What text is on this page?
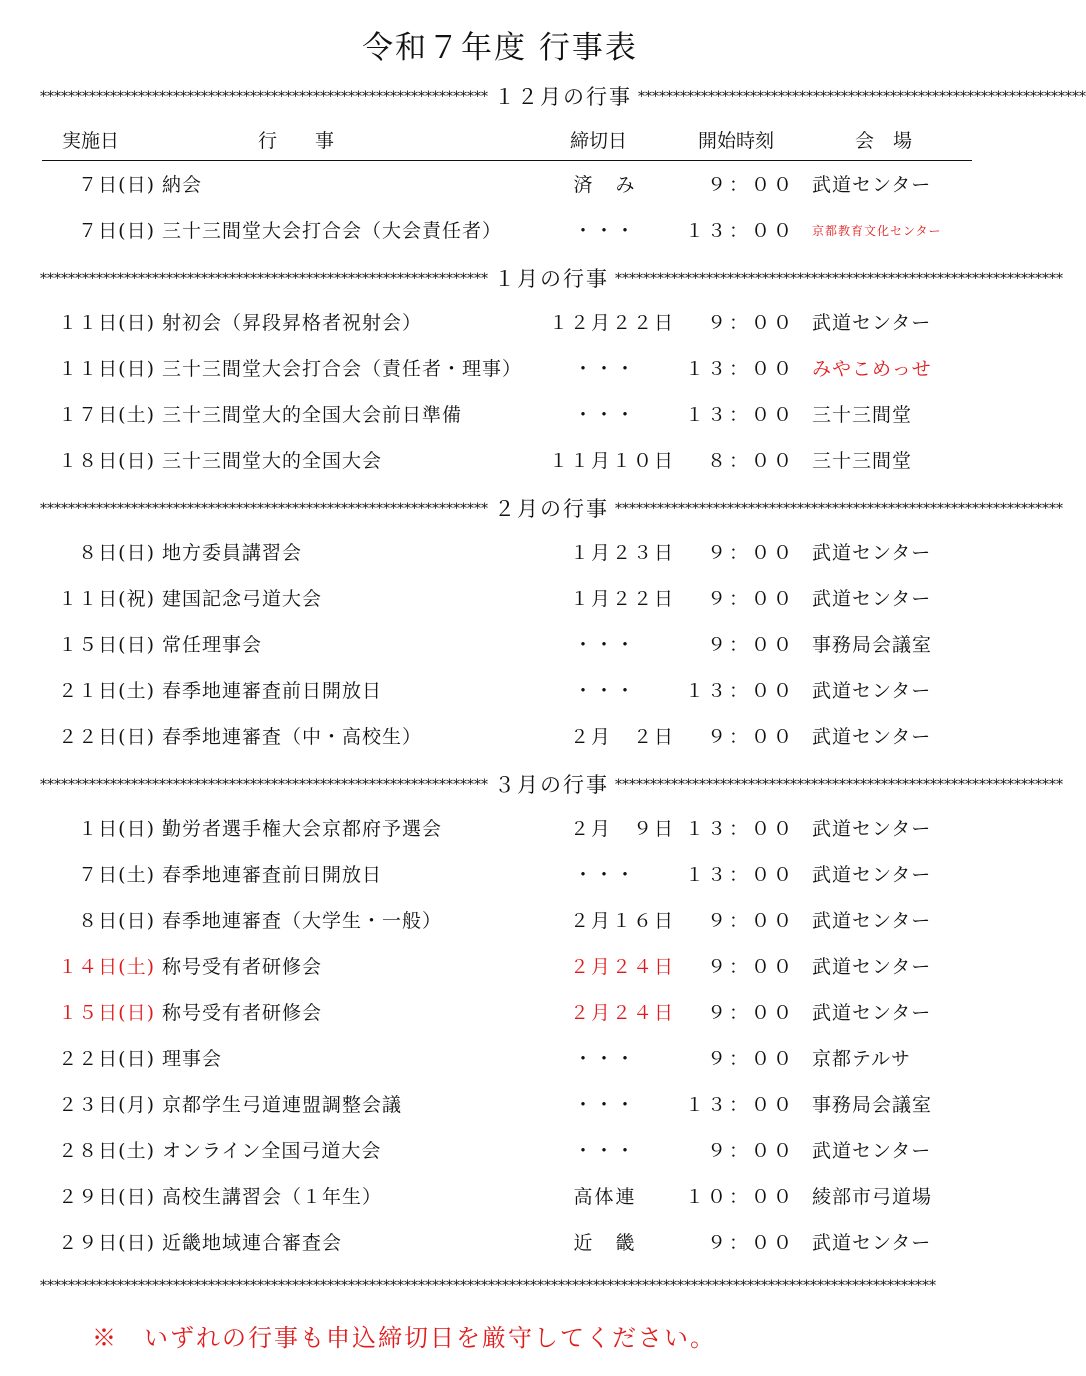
令和７年度 行事表
**************************************************************** １２月の行事 ****************************************************************
実施日	行　　事	締切日	開始時刻	会　場
７日(日) 納会	済　み	９：００ 武道センター
７日(日) 三十三間堂大会打合会（大会責任者）	・・・	１３：００ 京都教育文化センター
**************************************************************** １月の行事 ****************************************************************
１１日(日) 射初会（昇段昇格者祝射会）	１２月２２日	９：００ 武道センター
１１日(日) 三十三間堂大会打合会（責任者・理事）	・・・	１３：００ みやこめっせ
１７日(土) 三十三間堂大的全国大会前日準備	・・・	１３：００ 三十三間堂
１８日(日) 三十三間堂大的全国大会	１１月１０日	８：００ 三十三間堂
**************************************************************** ２月の行事 ****************************************************************
８日(日) 地方委員講習会	１月２３日	９：００ 武道センター
１１日(祝) 建国記念弓道大会	１月２２日	９：００ 武道センター
１５日(日) 常任理事会	・・・	９：００ 事務局会議室
２１日(土) 春季地連審査前日開放日	・・・	１３：００ 武道センター
２２日(日) 春季地連審査（中・高校生）	２月　２日	９：００ 武道センター
**************************************************************** ３月の行事 ****************************************************************
１日(日) 勤労者選手権大会京都府予選会	２月　９日 １３：００ 武道センター
７日(土) 春季地連審査前日開放日	・・・	１３：００ 武道センター
８日(日) 春季地連審査（大学生・一般）	２月１６日	９：００ 武道センター
１４日(土) 称号受有者研修会	２月２４日	９：００ 武道センター
１５日(日) 称号受有者研修会	２月２４日	９：００ 武道センター
２２日(日) 理事会	・・・	９：００ 京都テルサ
２３日(月) 京都学生弓道連盟調整会議	・・・	１３：００ 事務局会議室
２８日(土) オンライン全国弓道大会	・・・	９：００ 武道センター
２９日(日) 高校生講習会（１年生）	高体連	１０：００ 綾部市弓道場
２９日(日) 近畿地域連合審査会	近　畿	９：００ 武道センター
********************************************************************************************************************************
※　いずれの行事も申込締切日を厳守してください。
